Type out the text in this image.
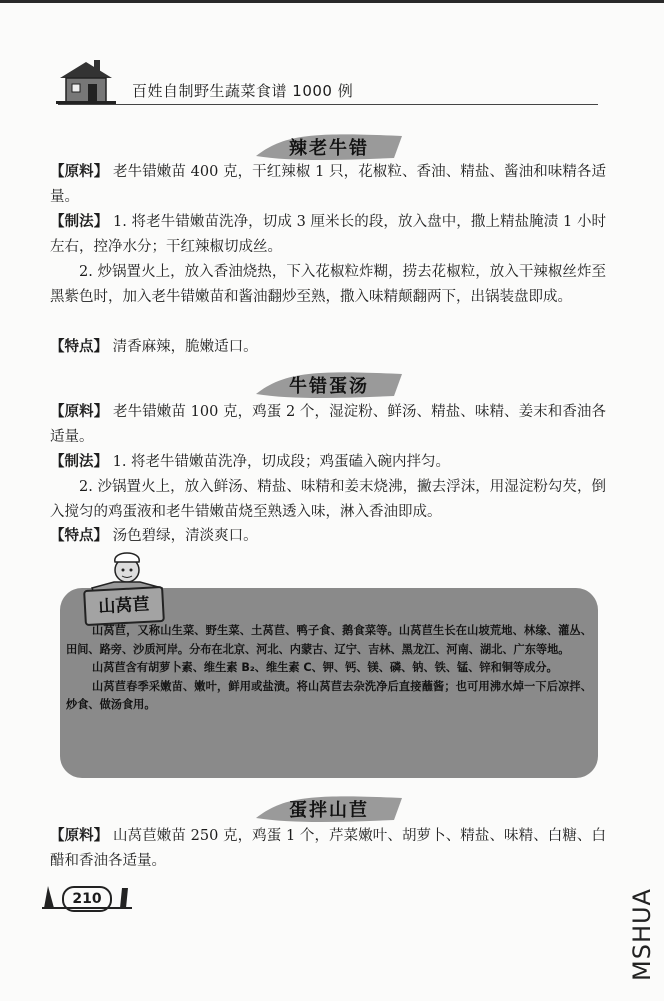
百姓自制野生蔬菜食谱 1000 例
辣老牛错

【原料】 老牛错嫩苗 400 克，干红辣椒 1 只，花椒粒、香油、精盐、酱油和味精各适量。

【制法】 1. 将老牛错嫩苗洗净，切成 3 厘米长的段，放入盘中，撒上精盐腌渍 1 小时左右，控净水分；干红辣椒切成丝。

2. 炒锅置火上，放入香油烧热，下入花椒粒炸糊，捞去花椒粒，放入干辣椒丝炸至黑紫色时，加入老牛错嫩苗和酱油翻炒至熟，撒入味精颠翻两下，出锅装盘即成。

【特点】 清香麻辣，脆嫩适口。

牛错蛋汤

【原料】 老牛错嫩苗 100 克，鸡蛋 2 个，湿淀粉、鲜汤、精盐、味精、姜末和香油各适量。

【制法】 1. 将老牛错嫩苗洗净，切成段；鸡蛋磕入碗内拌匀。

2. 沙锅置火上，放入鲜汤、精盐、味精和姜末烧沸，撇去浮沫，用湿淀粉勾芡，倒入搅匀的鸡蛋液和老牛错嫩苗烧至熟透入味，淋入香油即成。

【特点】 汤色碧绿，清淡爽口。

山莴苣，又称山生菜、野生菜、土莴苣、鸭子食、鹅食菜等。山莴苣生长在山坡荒地、林缘、灌丛、田间、路旁、沙质河岸。分布在北京、河北、内蒙古、辽宁、吉林、黑龙江、河南、湖北、广东等地。

山莴苣含有胡萝卜素、维生素 B₂、维生素 C、钾、钙、镁、磷、钠、铁、锰、锌和铜等成分。

山莴苣春季采嫩苗、嫩叶，鲜用或盐渍。将山莴苣去杂洗净后直接蘸酱；也可用沸水焯一下后凉拌、炒食、做汤食用。

山莴苣
蛋拌山苣

【原料】 山莴苣嫩苗 250 克，鸡蛋 1 个，芹菜嫩叶、胡萝卜、精盐、味精、白糖、白醋和香油各适量。

210	MSHUA
